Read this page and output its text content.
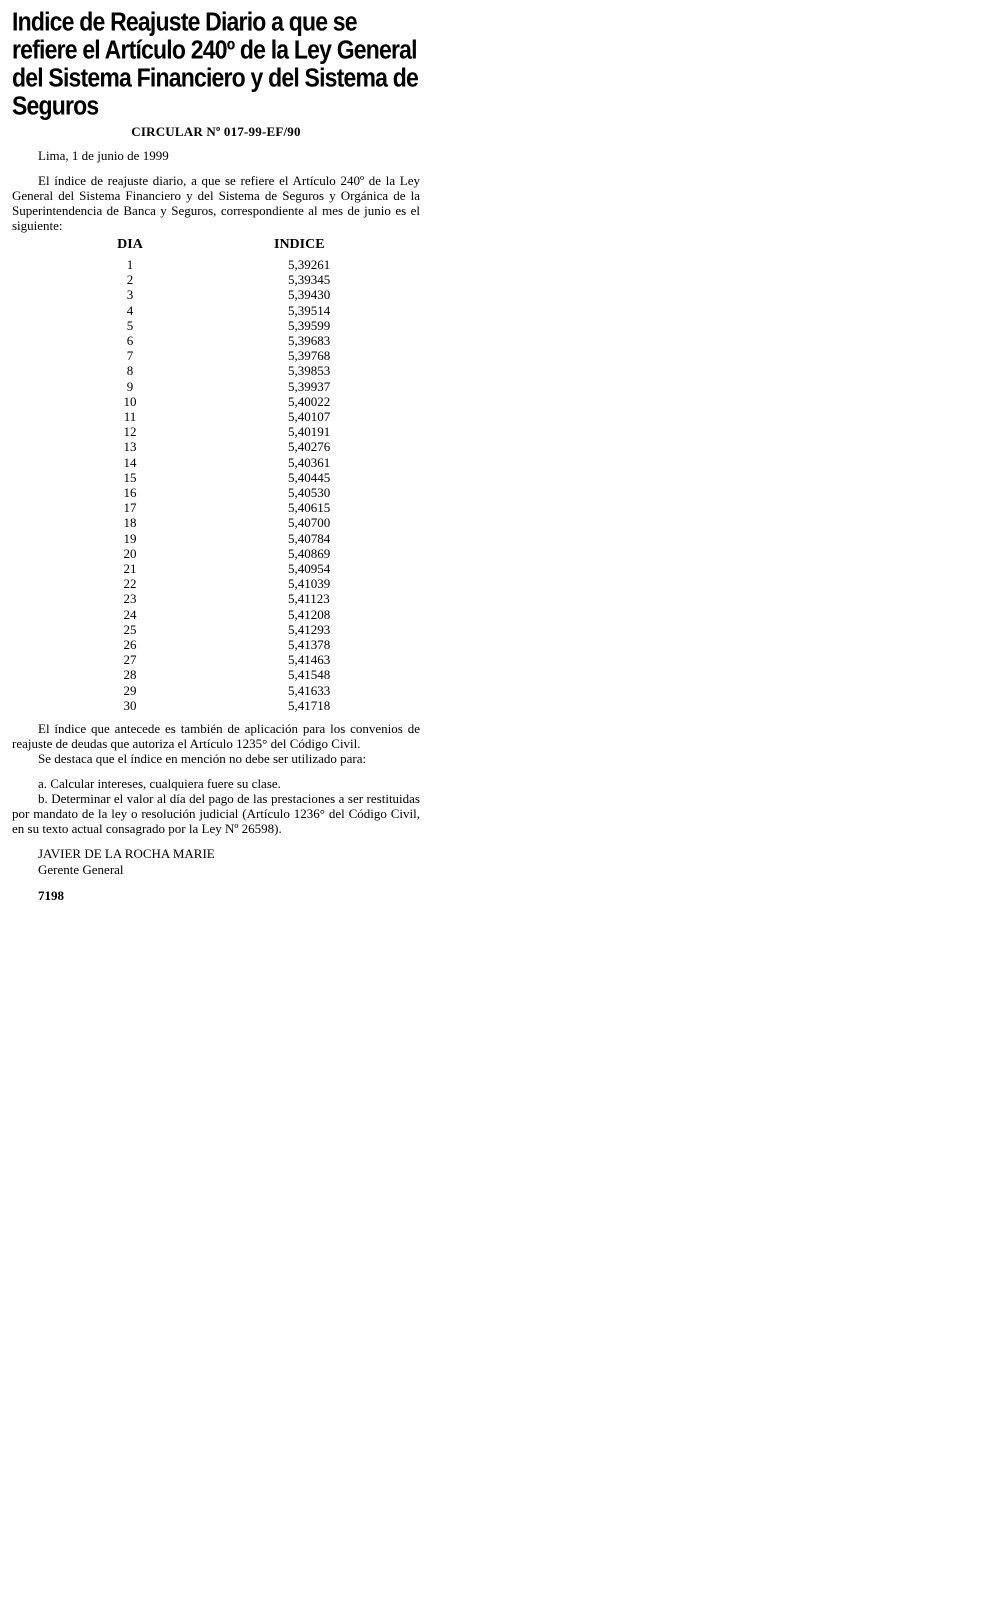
Indice de Reajuste Diario a que se refiere el Artículo 240º de la Ley General del Sistema Financiero y del Sistema de Seguros
CIRCULAR Nº 017-99-EF/90
Lima, 1 de junio de 1999

El índice de reajuste diario, a que se refiere el Artículo 240º de la Ley General del Sistema Financiero y del Sistema de Seguros y Orgánica de la Superintendencia de Banca y Seguros, correspondiente al mes de junio es el siguiente:

DIA	INDICE
1	5,39261
2	5,39345
3	5,39430
4	5,39514
5	5,39599
6	5,39683
7	5,39768
8	5,39853
9	5,39937
10	5,40022
11	5,40107
12	5,40191
13	5,40276
14	5,40361
15	5,40445
16	5,40530
17	5,40615
18	5,40700
19	5,40784
20	5,40869
21	5,40954
22	5,41039
23	5,41123
24	5,41208
25	5,41293
26	5,41378
27	5,41463
28	5,41548
29	5,41633
30	5,41718

El índice que antecede es también de aplicación para los convenios de reajuste de deudas que autoriza el Artículo 1235° del Código Civil.

Se destaca que el índice en mención no debe ser utilizado para:

a. Calcular intereses, cualquiera fuere su clase.

b. Determinar el valor al día del pago de las prestaciones a ser restituidas por mandato de la ley o resolución judicial (Artículo 1236° del Código Civil, en su texto actual consagrado por la Ley Nº 26598).

JAVIER DE LA ROCHA MARIE
Gerente General
7198
